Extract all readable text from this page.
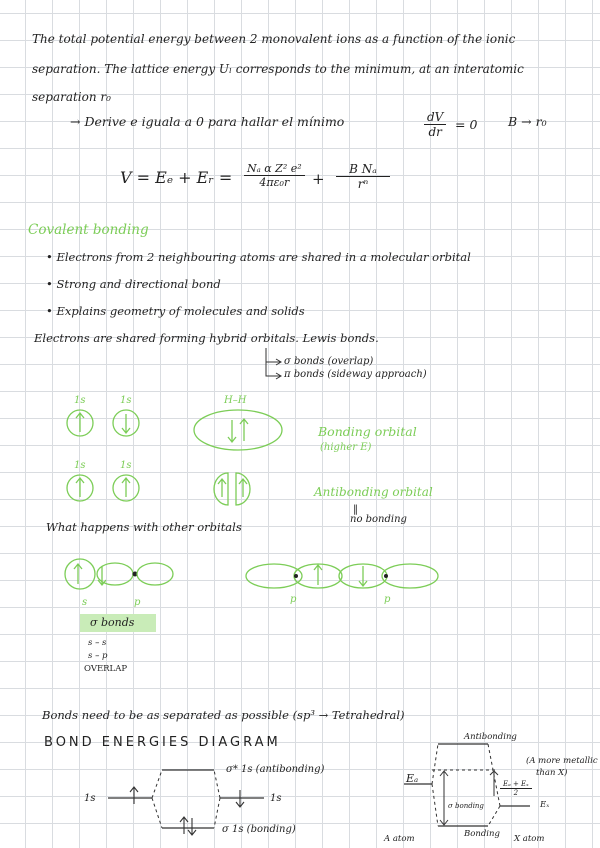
The total potential energy between 2 monovalent ions as a function of the ionic
separation. The lattice energy Uₗ corresponds to the minimum, at an interatomic
separation r₀
→ Derive e iguala a 0 para hallar el mínimo	$\frac{dV}{dr} = 0$ B → r₀
V = Eₑ + Eᵣ = $\frac{\text{Nₐ α Z² e²}}{\text{4πε₀r}} + \frac{\text{B Nₐ}}{\text{rⁿ}}$
Covalent bonding
• Electrons from 2 neighbouring atoms are shared in a molecular orbital
• Strong and directional bond
• Explains geometry of molecules and solids
Electrons are shared forming hybrid orbitals. Lewis bonds.
σ bonds (overlap)
π bonds (sideway approach)
1s	1s	H–H
Bonding orbital
(higher E)
1s	1s
Antibonding orbital
‖
no bonding
What happens with other orbitals
s	p	p	p
σ bonds
s – s
s – p
OVERLAP
Bonds need to be as separated as possible (sp³ → Tetrahedral)
BOND ENERGIES DIAGRAM
1s	1s
σ* 1s (antibonding)
σ 1s (bonding)
Antibonding
Eₐ
(A more metallic
than X)
$\frac{\text{Eₐ + Eₓ}}{2}$
Eₓ
σ bonding
A atom	Bonding X atom
